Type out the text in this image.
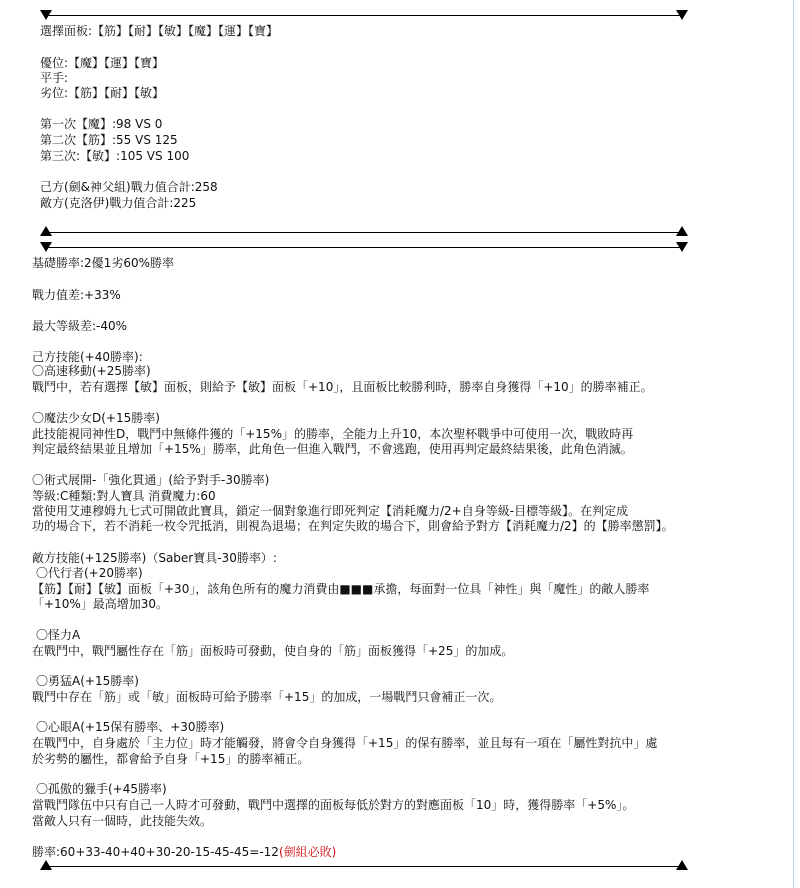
選擇面板:【筋】【耐】【敏】【魔】【運】【寶】
優位:【魔】【運】【寶】
平手:
劣位:【筋】【耐】【敏】
第一次【魔】:98 VS 0
第二次【筋】:55 VS 125
第三次:【敏】:105 VS 100
己方(劍&神父組)戰力值合計:258
敵方(克洛伊)戰力值合計:225
基礎勝率:2優1劣60%勝率
戰力值差:+33%
最大等級差:-40%
己方技能(+40勝率):
〇高速移動(+25勝率)
戰鬥中，若有選擇【敏】面板，則給予【敏】面板「+10」，且面板比較勝利時，勝率自身獲得「+10」的勝率補正。
〇魔法少女D(+15勝率)
此技能視同神性D，戰鬥中無條件獲的「+15%」的勝率，全能力上升10，本次聖杯戰爭中可使用一次，戰敗時再
判定最終結果並且增加「+15%」勝率，此角色一但進入戰鬥，不會逃跑，使用再判定最終結果後，此角色消滅。
〇術式展開-「強化貫通」(給予對手-30勝率)
等級:C種類:對人寶具 消費魔力:60
當使用艾連穆姆九七式可開啟此寶具，鎖定一個對象進行即死判定【消耗魔力/2+自身等級-目標等級】。在判定成
功的場合下，若不消耗一枚令咒抵消，則視為退場；在判定失敗的場合下，則會給予對方【消耗魔力/2】的【勝率懲罰】。
敵方技能(+125勝率)（Saber寶具-30勝率）:
〇代行者(+20勝率)
【筋】【耐】【敏】面板「+30」，該角色所有的魔力消費由■■■承擔，每面對一位具「神性」與「魔性」的敵人勝率
「+10%」最高增加30。
〇怪力A
在戰鬥中，戰鬥屬性存在「筋」面板時可發動，使自身的「筋」面板獲得「+25」的加成。
〇勇猛A(+15勝率)
戰鬥中存在「筋」或「敏」面板時可給予勝率「+15」的加成，一場戰鬥只會補正一次。
〇心眼A(+15保有勝率、+30勝率)
在戰鬥中，自身處於「主力位」時才能觸發，將會令自身獲得「+15」的保有勝率，並且每有一項在「屬性對抗中」處
於劣勢的屬性，都會給予自身「+15」的勝率補正。
〇孤傲的獵手(+45勝率)
當戰鬥隊伍中只有自己一人時才可發動，戰鬥中選擇的面板每低於對方的對應面板「10」時，獲得勝率「+5%」。
當敵人只有一個時，此技能失效。
勝率:60+33-40+40+30-20-15-45-45=-12(劍組必敗)
